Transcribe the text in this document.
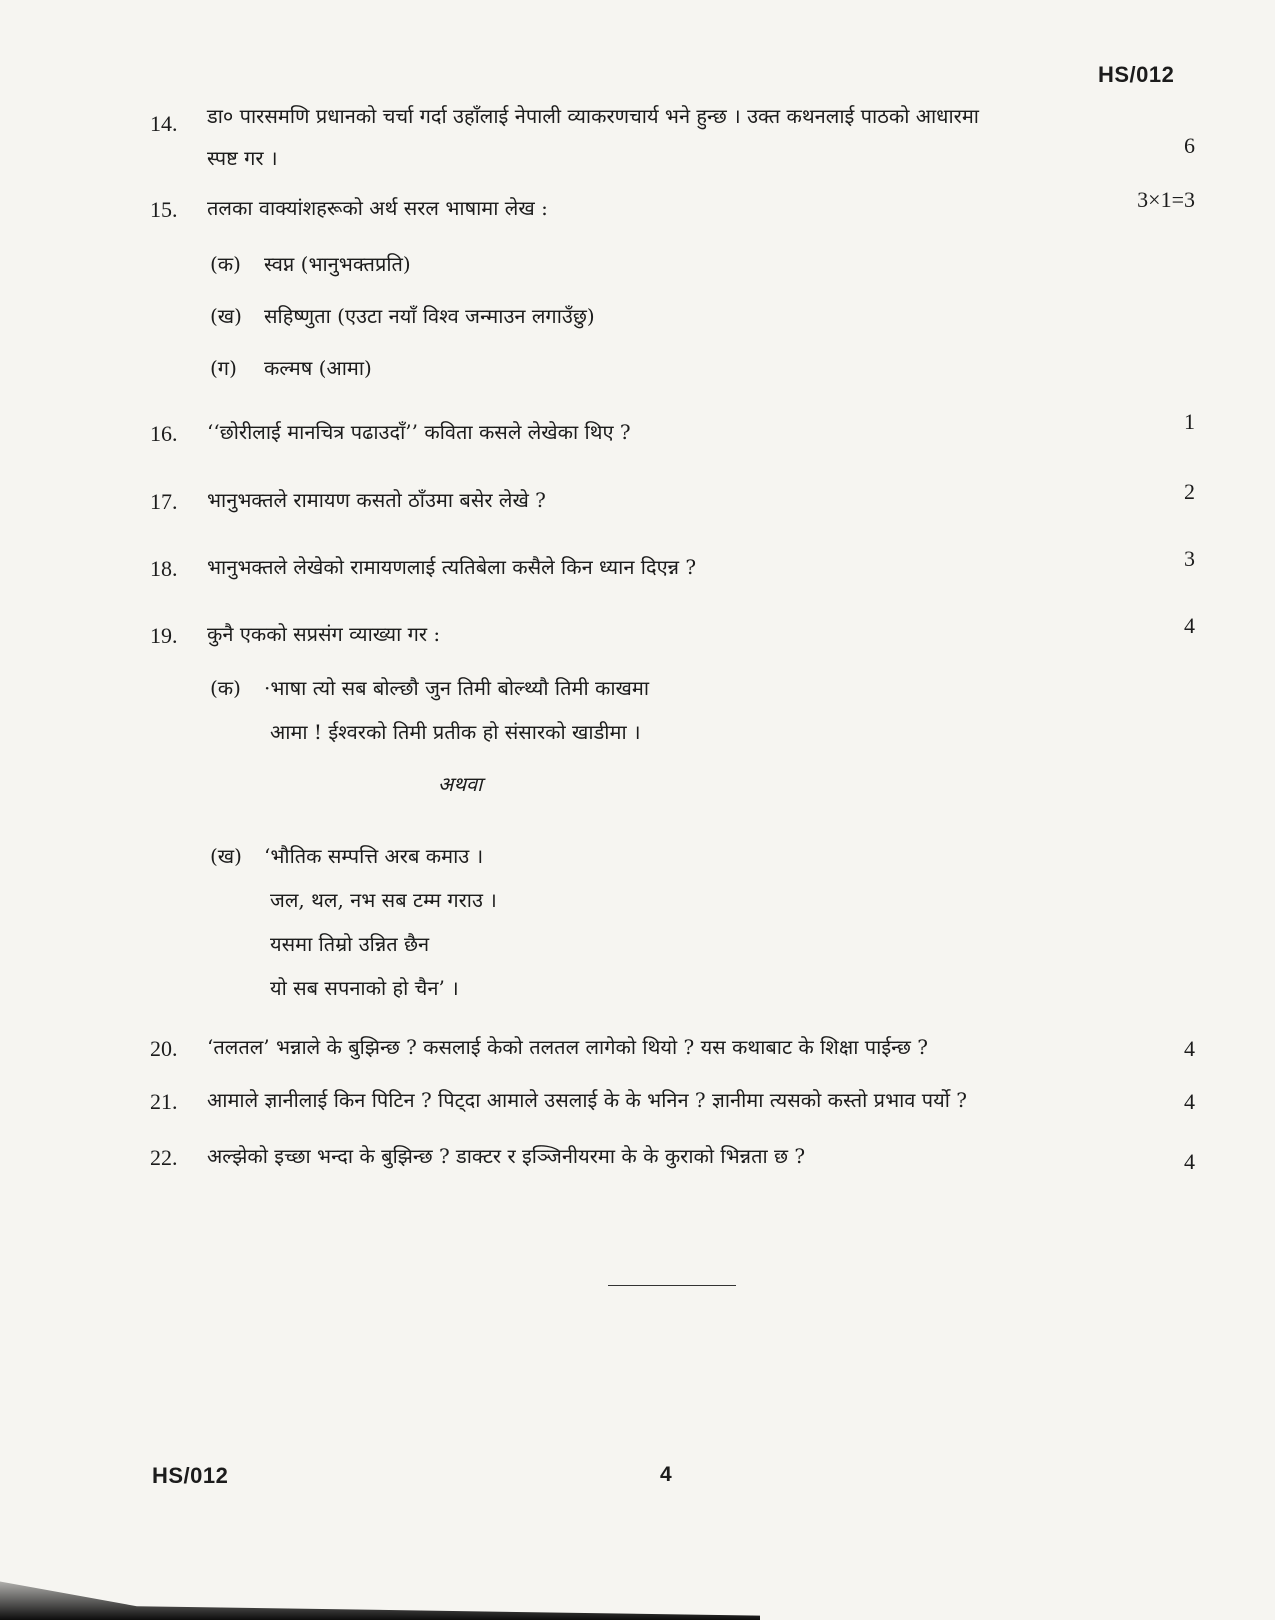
HS/012
14.	डा० पारसमणि प्रधानको चर्चा गर्दा उहाँलाई नेपाली व्याकरणचार्य भने हुन्छ । उक्त कथनलाई पाठको आधारमा
स्पष्ट गर ।	6
15.	तलका वाक्यांशहरूको अर्थ सरल भाषामा लेख :	3×1=3
(क) स्वप्न (भानुभक्तप्रति)
(ख) सहिष्णुता (एउटा नयाँ विश्व जन्माउन लगाउँछु)
(ग) कल्मष (आमा)
16.	‘‘छोरीलाई मानचित्र पढाउदाँ’’ कविता कसले लेखेका थिए ?	1
17.	भानुभक्तले रामायण कसतो ठाँउमा बसेर लेखे ?	2
18.	भानुभक्तले लेखेको रामायणलाई त्यतिबेला कसैले किन ध्यान दिएन्न ?	3
19.	कुनै एकको सप्रसंग व्याख्या गर :	4
(क) ·भाषा त्यो सब बोल्छौ जुन तिमी बोल्थ्यौ तिमी काखमा
आमा ! ईश्वरको तिमी प्रतीक हो संसारको खाडीमा ।
अथवा
(ख) ‘भौतिक सम्पत्ति अरब कमाउ ।
जल, थल, नभ सब टम्म गराउ ।
यसमा तिम्रो उन्नित छैन
यो सब सपनाको हो चैन’ ।
20.	‘तलतल’ भन्नाले के बुझिन्छ ? कसलाई केको तलतल लागेको थियो ? यस कथाबाट के शिक्षा पाईन्छ ?	4
21.	आमाले ज्ञानीलाई किन पिटिन ? पिट्दा आमाले उसलाई के के भनिन ? ज्ञानीमा त्यसको कस्तो प्रभाव पर्यो ?	4
22.	अल्झेको इच्छा भन्दा के बुझिन्छ ? डाक्टर र इञ्जिनीयरमा के के कुराको भिन्नता छ ?	4
HS/012	4
